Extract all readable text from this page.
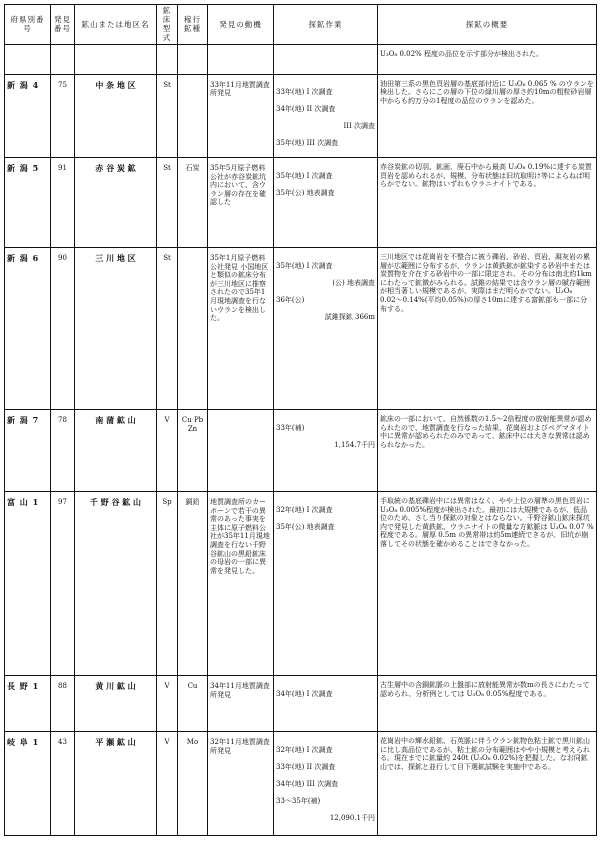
府県別番号	発見番号	鉱山または地区名	鉱床型式	稼行鉱種	発見の動機	探鉱作業	探鉱の概要
							U₃O₈ 0.02% 程度の品位を示す部分が検出された。
新 潟 4	75	中 条 地 区	St		33年11月地質調査所発見	33年(地) I 次調査

34年(地) II 次調査

III 次調査

35年(地) III 次調査	油田第三系の黒色頁岩層の基底部付近に U₃O₈ 0.065 % のウランを検出した。さらにこの層の下位の緑川層の厚さ約10mの粗粒砂岩層中からも約万分の1程度の品位のウランを認めた。
新 潟 5	91	赤 谷 炭 鉱	St	石炭	35年5月原子燃料公社が赤谷炭鉱坑内において、含ウラン層の存在を確認した	35年(地) I 次調査

35年(公) 地表調査	赤谷炭鉱の切羽、鉱画、廃石中から最高 U₃O₈ 0.19%に達する炭質頁岩を認められるが、規模、分布状態は旧坑取明け等によらねば明らかでない。鉱物はいずれもウラニナイトである。
新 潟 6	90	三 川 地 区	St		35年1月原子燃料公社発見 小国地区と類似の鉱床分布が三川地区に推察されたので35年1月現地調査を行ないウランを検出した。	35年(地) I 次調査

(公) 地表調査

36年(公)

試錐探鉱 366m	三川地区では花崗岩を不整合に被う礫岩、砂岩、頁岩、凝灰岩の累層が広範囲に分布するが、ウランは黄鉄鉱が鉱染する砂岩中または炭質物を介在する砂岩中の一部に限定され、その分布は南北約1kmにわたって鉱徴がみられる。試錐の結果では含ウラン層の賦存範囲が相当著しい規模であるが、実際はまだ明らかでない。U₃O₈ 0.02〜0.14%(平均0.05%)の厚さ10mに達する富鉱部も一部に分布する。
新 潟 7	78	南 蒲 鉱 山	V	Cu Pb Zn		33年(補)

1,154.7千円	鉱床の一部において、自然係数の1.5〜2倍程度の放射能異常が認められたので、地質調査を行なった結果、花崗岩およびペグマタイト中に異常が認められたのみであって、鉱床中には大きな異常は認められなかった。
富 山 1	97	千 野 谷 鉱 山	Sp	銅鉛	地質調査所のカーボーンで若干の異常のあった事実を主体に原子燃料公社が35年11月現地調査を行ない千野谷鉱山の黒鉛鉱床の母岩の一部に異常を発見した。	32年(地) I 次調査

35年(公) 地表調査	手取統の基底礫岩中には異常はなく、やや上位の層準の黒色頁岩に U₃O₈ 0.005%程度が検出された。最初には大規模であるが、低品位のため、さし当り探鉱の対象とはならない。千野谷鉱山鉱床探坑内で発見した黄鉄鉱、ウラニナイトの微量な方鉱脈は U₃O₈ 0.07 % 程度である。層厚 0.5m の異常帯は約5m連続できるが、旧坑が崩落してその状態を確かめることはできなかった。
長 野 1	88	黄 川 鉱 山	V	Cu	34年11月地質調査所発見	34年(地) I 次調査	古生層中の含銅鉱脈の上盤部に放射能異常が数mの長さにわたって認められ、分析例としては U₃O₈ 0.05%程度である。
岐 阜 1	43	平 瀬 鉱 山	V	Mo	32年11月地質調査所発見	32年(地) I 次調査

33年(地) II 次調査

34年(地) III 次調査

33〜35年(補)

12,090.1千円	花崗岩中の輝水鉛鉱、石英脈に伴うウラン鉱物色粘土鉱で黒川鉱山に比し高品位であるが、粘土鉱の分布範囲はやや小規模と考えられる。現在までに鉱量約 240t (U₃O₈ 0.02%)を把握した。なお同鉱山では、探鉱と並行して目下選鉱試験を実施中である。
